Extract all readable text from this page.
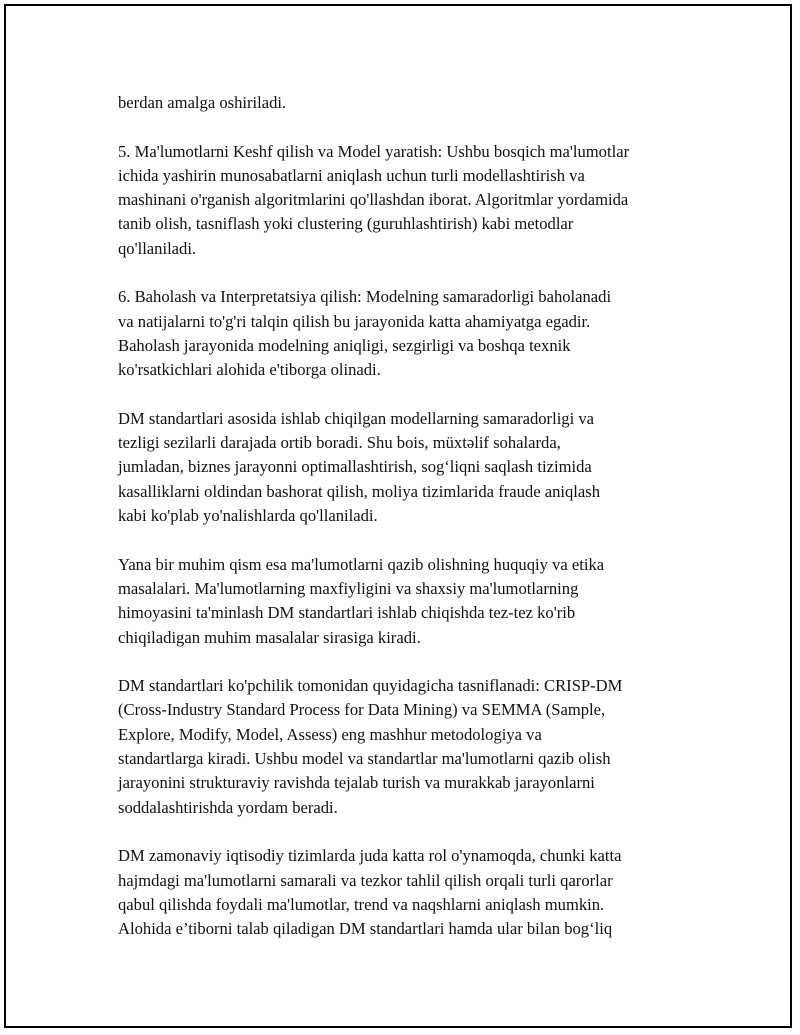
berdan amalga oshiriladi.

5. Ma'lumotlarni Keshf qilish va Model yaratish: Ushbu bosqich ma'lumotlar
ichida yashirin munosabatlarni aniqlash uchun turli modellashtirish va
mashinani o'rganish algoritmlarini qo'llashdan iborat. Algoritmlar yordamida
tanib olish, tasniflash yoki clustering (guruhlashtirish) kabi metodlar
qo'llaniladi.

6. Baholash va Interpretatsiya qilish: Modelning samaradorligi baholanadi
va natijalarni to'g'ri talqin qilish bu jarayonida katta ahamiyatga egadir.
Baholash jarayonida modelning aniqligi, sezgirligi va boshqa texnik
ko'rsatkichlari alohida e'tiborga olinadi.

DM standartlari asosida ishlab chiqilgan modellarning samaradorligi va
tezligi sezilarli darajada ortib boradi. Shu bois, müxtəlif sohalarda,
jumladan, biznes jarayonni optimallashtirish, sog‘liqni saqlash tizimida
kasalliklarni oldindan bashorat qilish, moliya tizimlarida fraude aniqlash
kabi ko'plab yo'nalishlarda qo'llaniladi.

Yana bir muhim qism esa ma'lumotlarni qazib olishning huquqiy va etika
masalalari. Ma'lumotlarning maxfiyligini va shaxsiy ma'lumotlarning
himoyasini ta'minlash DM standartlari ishlab chiqishda tez-tez ko'rib
chiqiladigan muhim masalalar sirasiga kiradi.

DM standartlari ko'pchilik tomonidan quyidagicha tasniflanadi: CRISP-DM
(Cross-Industry Standard Process for Data Mining) va SEMMA (Sample,
Explore, Modify, Model, Assess) eng mashhur metodologiya va
standartlarga kiradi. Ushbu model va standartlar ma'lumotlarni qazib olish
jarayonini strukturaviy ravishda tejalab turish va murakkab jarayonlarni
soddalashtirishda yordam beradi.

DM zamonaviy iqtisodiy tizimlarda juda katta rol o'ynamoqda, chunki katta
hajmdagi ma'lumotlarni samarali va tezkor tahlil qilish orqali turli qarorlar
qabul qilishda foydali ma'lumotlar, trend va naqshlarni aniqlash mumkin.
Alohida e’tiborni talab qiladigan DM standartlari hamda ular bilan bog‘liq
